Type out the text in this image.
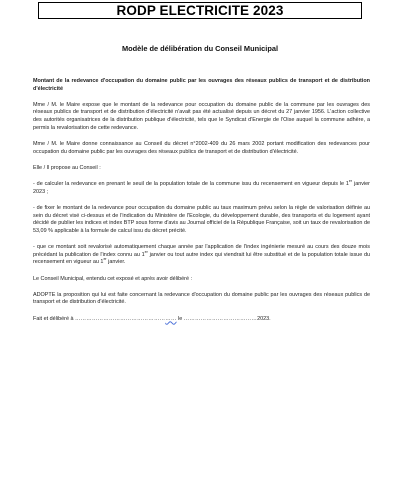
RODP ELECTRICITE 2023
Modèle de délibération du Conseil Municipal

Montant de la redevance d'occupation du domaine public par les ouvrages des réseaux publics de transport et de distribution d'électricité

Mme / M. le Maire expose que le montant de la redevance pour occupation du domaine public de la commune par les ouvrages des réseaux publics de transport et de distribution d'électricité n'avait pas été actualisé depuis un décret du 27 janvier 1956. L'action collective des autorités organisatrices de la distribution publique d'électricité, tels que le Syndicat d'Energie de l'Oise auquel la commune adhère, a permis la revalorisation de cette redevance.

Mme / M. le Maire donne connaissance au Conseil du décret n°2002-409 du 26 mars 2002 portant modification des redevances pour occupation du domaine public par les ouvrages des réseaux publics de transport et de distribution d'électricité.

Elle / Il propose au Conseil :

- de calculer la redevance en prenant le seuil de la population totale de la commune issu du recensement en vigueur depuis le 1er janvier 2023 ;

- de fixer le montant de la redevance pour occupation du domaine public au taux maximum prévu selon la règle de valorisation définie au sein du décret visé ci-dessus et de l'indication du Ministère de l'Ecologie, du développement durable, des transports et du logement ayant décidé de publier les indices et index BTP sous forme d'avis au Journal officiel de la République Française, soit un taux de revalorisation de 53,09 % applicable à la formule de calcul issu du décret précité.

- que ce montant soit revalorisé automatiquement chaque année par l'application de l'index ingénierie mesuré au cours des douze mois précédant la publication de l'index connu au 1er janvier ou tout autre index qui viendrait lui être substitué et de la population totale issue du recensement en vigueur au 1er janvier.

Le Conseil Municipal, entendu cet exposé et après avoir délibéré :

ADOPTE la proposition qui lui est faite concernant la redevance d'occupation du domaine public par les ouvrages des réseaux publics de transport et de distribution d'électricité.

Fait et délibéré à ……………………………………………… le …………………………………2023.
